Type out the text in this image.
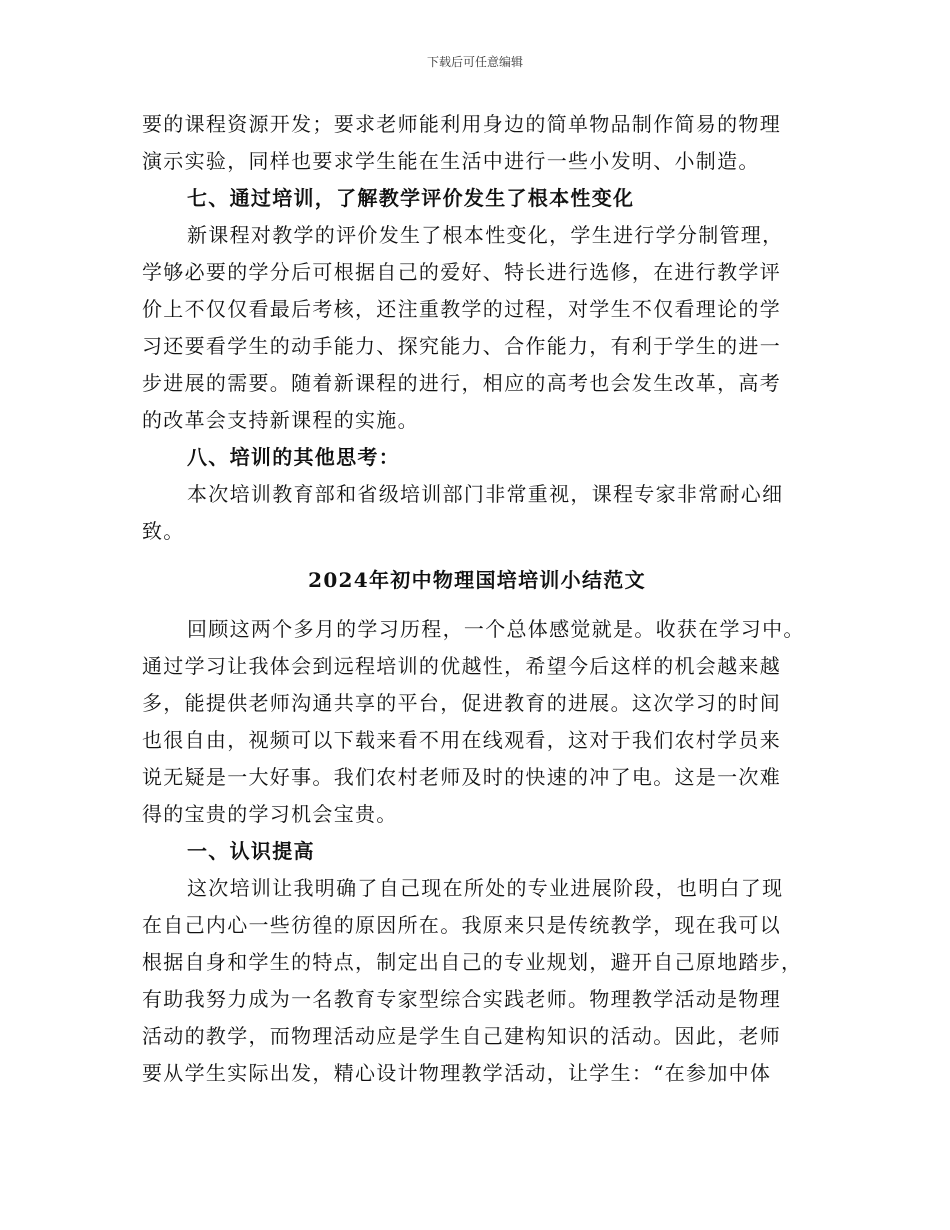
下载后可任意编辑
要的课程资源开发；要求老师能利用身边的简单物品制作简易的物理
演示实验，同样也要求学生能在生活中进行一些小发明、小制造。
七、通过培训，了解教学评价发生了根本性变化
新课程对教学的评价发生了根本性变化，学生进行学分制管理，
学够必要的学分后可根据自己的爱好、特长进行选修，在进行教学评
价上不仅仅看最后考核，还注重教学的过程，对学生不仅看理论的学
习还要看学生的动手能力、探究能力、合作能力，有利于学生的进一
步进展的需要。随着新课程的进行，相应的高考也会发生改革，高考
的改革会支持新课程的实施。
八、培训的其他思考：
本次培训教育部和省级培训部门非常重视，课程专家非常耐心细
致。
2024年初中物理国培培训小结范文
回顾这两个多月的学习历程，一个总体感觉就是。收获在学习中。
通过学习让我体会到远程培训的优越性，希望今后这样的机会越来越
多，能提供老师沟通共享的平台，促进教育的进展。这次学习的时间
也很自由，视频可以下载来看不用在线观看，这对于我们农村学员来
说无疑是一大好事。我们农村老师及时的快速的冲了电。这是一次难
得的宝贵的学习机会宝贵。
一、认识提高
这次培训让我明确了自己现在所处的专业进展阶段，也明白了现
在自己内心一些彷徨的原因所在。我原来只是传统教学，现在我可以
根据自身和学生的特点，制定出自己的专业规划，避开自己原地踏步，
有助我努力成为一名教育专家型综合实践老师。物理教学活动是物理
活动的教学，而物理活动应是学生自己建构知识的活动。因此，老师
要从学生实际出发，精心设计物理教学活动，让学生：“在参加中体
